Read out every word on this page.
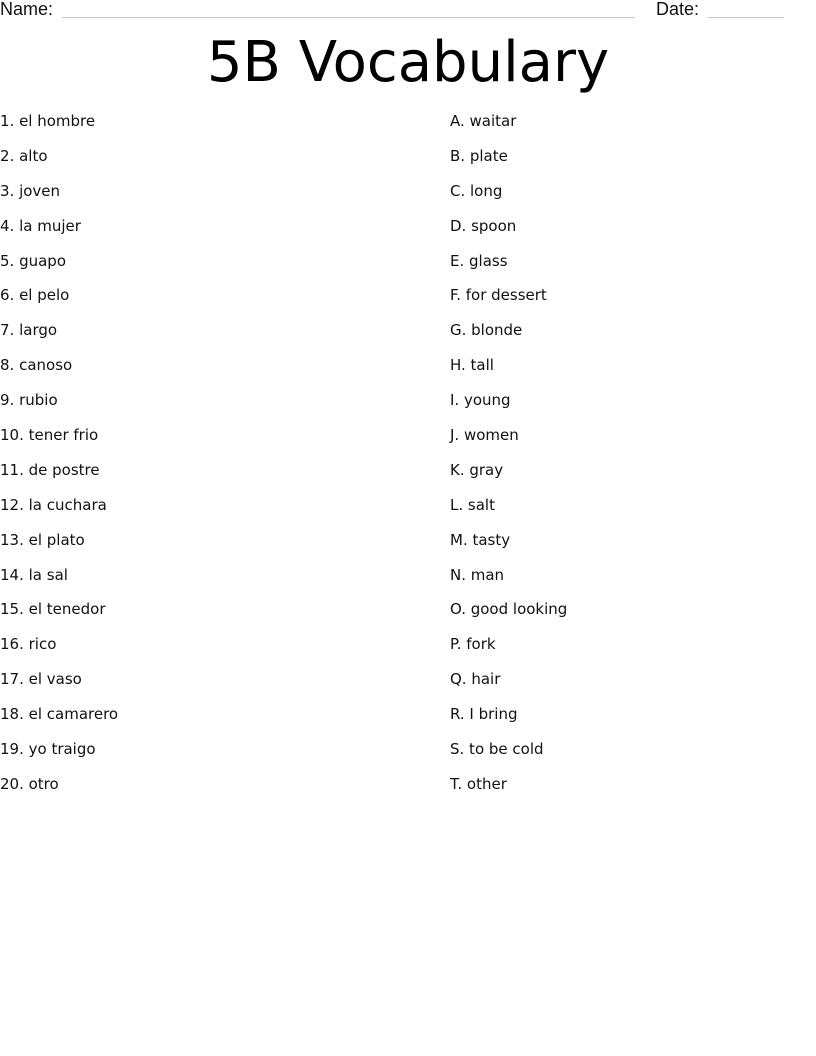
Name:	Date:
5B Vocabulary
1. el hombre
2. alto
3. joven
4. la mujer
5. guapo
6. el pelo
7. largo
8. canoso
9. rubio
10. tener frio
11. de postre
12. la cuchara
13. el plato
14. la sal
15. el tenedor
16. rico
17. el vaso
18. el camarero
19. yo traigo
20. otro
A. waitar
B. plate
C. long
D. spoon
E. glass
F. for dessert
G. blonde
H. tall
I. young
J. women
K. gray
L. salt
M. tasty
N. man
O. good looking
P. fork
Q. hair
R. I bring
S. to be cold
T. other
